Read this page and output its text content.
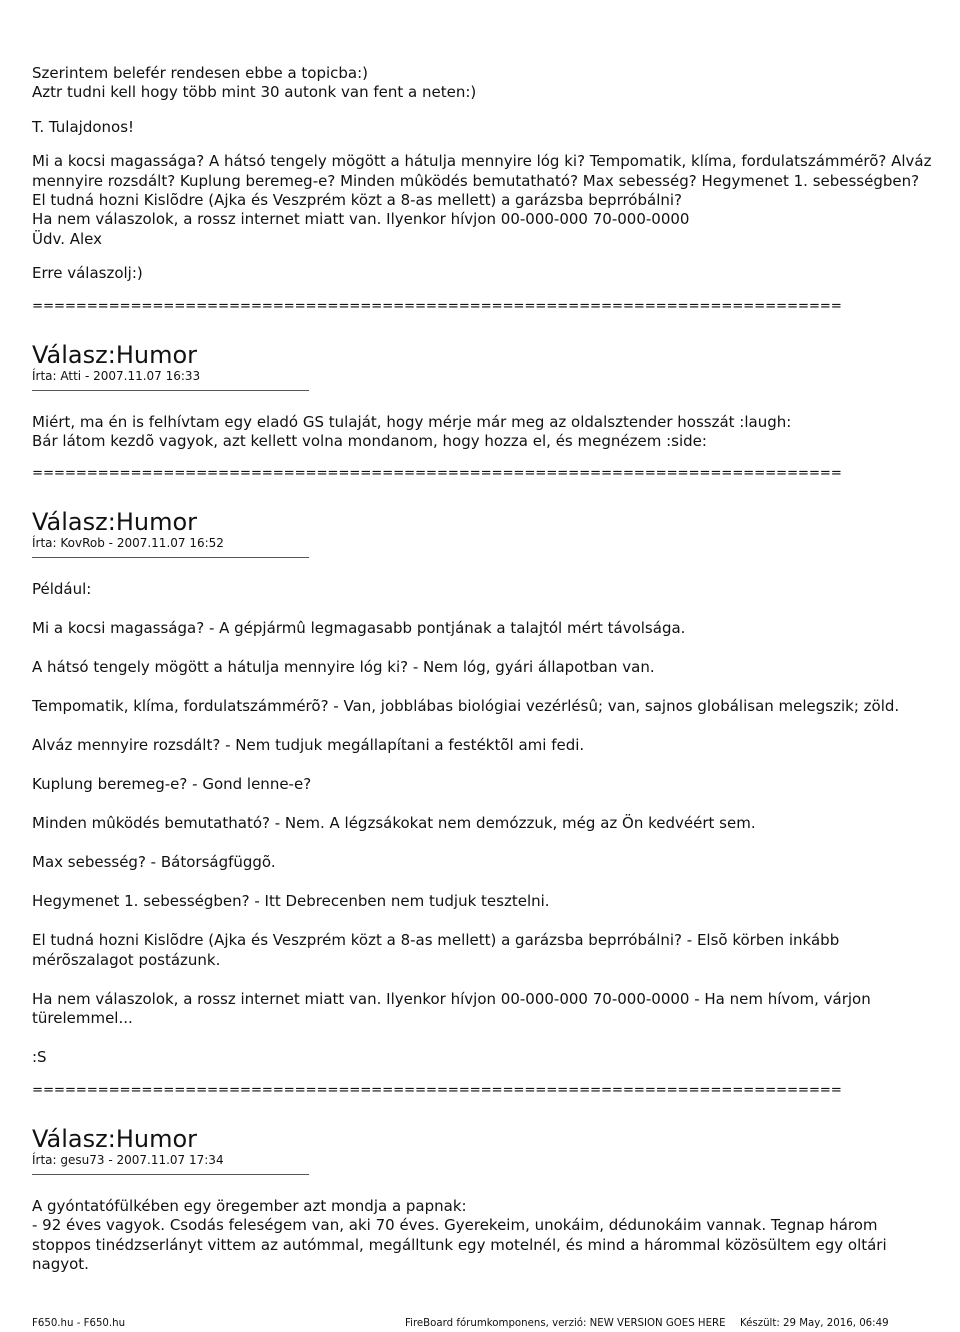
Szerintem belefér rendesen ebbe a topicba:)
Aztr tudni kell hogy több mint 30 autonk van fent a neten:)
T. Tulajdonos!
Mi a kocsi magassága? A hátsó tengely mögött a hátulja mennyire lóg ki? Tempomatik, klíma, fordulatszámmérõ? Alváz
mennyire rozsdált? Kuplung beremeg-e? Minden mûködés bemutatható? Max sebesség? Hegymenet 1. sebességben?
El tudná hozni Kislõdre (Ajka és Veszprém közt a 8-as mellett) a garázsba beprróbálni?
Ha nem válaszolok, a rossz internet miatt van. Ilyenkor hívjon 00-000-000 70-000-0000
Üdv. Alex
Erre válaszolj:)
==========================================================================
Válasz:Humor
Írta: Atti - 2007.11.07 16:33
Miért, ma én is felhívtam egy eladó GS tulaját, hogy mérje már meg az oldalsztender hosszát :laugh:
Bár látom kezdõ vagyok, azt kellett volna mondanom, hogy hozza el, és megnézem :side:
==========================================================================
Válasz:Humor
Írta: KovRob - 2007.11.07 16:52

Például:

Mi a kocsi magassága? - A gépjármû legmagasabb pontjának a talajtól mért távolsága.

A hátsó tengely mögött a hátulja mennyire lóg ki? - Nem lóg, gyári állapotban van.

Tempomatik, klíma, fordulatszámmérõ? - Van, jobblábas biológiai vezérlésû; van, sajnos globálisan melegszik; zöld.

Alváz mennyire rozsdált? - Nem tudjuk megállapítani a festéktõl ami fedi.

Kuplung beremeg-e? - Gond lenne-e?

Minden mûködés bemutatható? - Nem. A légzsákokat nem demózzuk, még az Ön kedvéért sem.

Max sebesség? - Bátorságfüggõ.

Hegymenet 1. sebességben? - Itt Debrecenben nem tudjuk tesztelni.

El tudná hozni Kislõdre (Ajka és Veszprém közt a 8-as mellett) a garázsba beprróbálni? - Elsõ körben inkább mérõszalagot postázunk.

Ha nem válaszolok, a rossz internet miatt van. Ilyenkor hívjon 00-000-000 70-000-0000 - Ha nem hívom, várjon türelemmel...

:S

==========================================================================
Válasz:Humor
Írta: gesu73 - 2007.11.07 17:34
A gyóntatófülkében egy öregember azt mondja a papnak:
- 92 éves vagyok. Csodás feleségem van, aki 70 éves. Gyerekeim, unokáim, dédunokáim vannak. Tegnap három stoppos tinédzserlányt vittem az autómmal, megálltunk egy motelnél, és mind a hárommal közösültem egy oltári nagyot.
F650.hu - F650.hu	FireBoard fórumkomponens, verzió: NEW VERSION GOES HERE Készült: 29 May, 2016, 06:49
